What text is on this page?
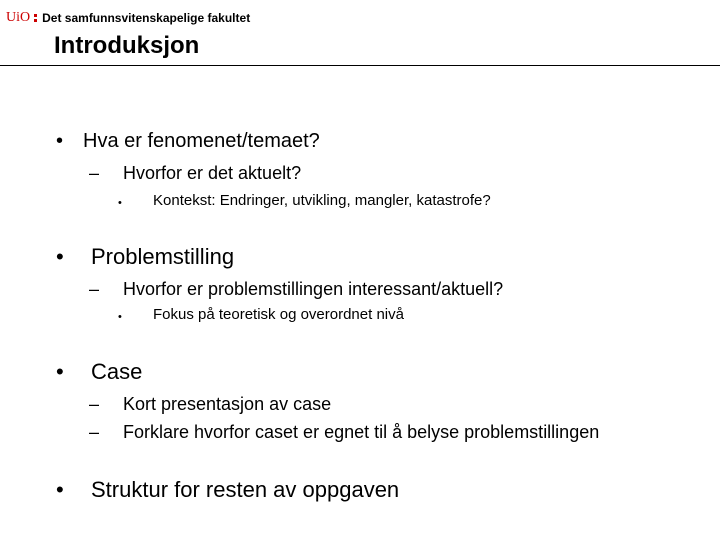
UiO Det samfunnsvitenskapelige fakultet
Introduksjon
• Hva er fenomenet/temaet?
– Hvorfor er det aktuelt?
• Kontekst: Endringer, utvikling, mangler, katastrofe?
• Problemstilling
– Hvorfor er problemstillingen interessant/aktuell?
• Fokus på teoretisk og overordnet nivå
• Case
– Kort presentasjon av case
– Forklare hvorfor caset er egnet til å belyse problemstillingen
• Struktur for resten av oppgaven
